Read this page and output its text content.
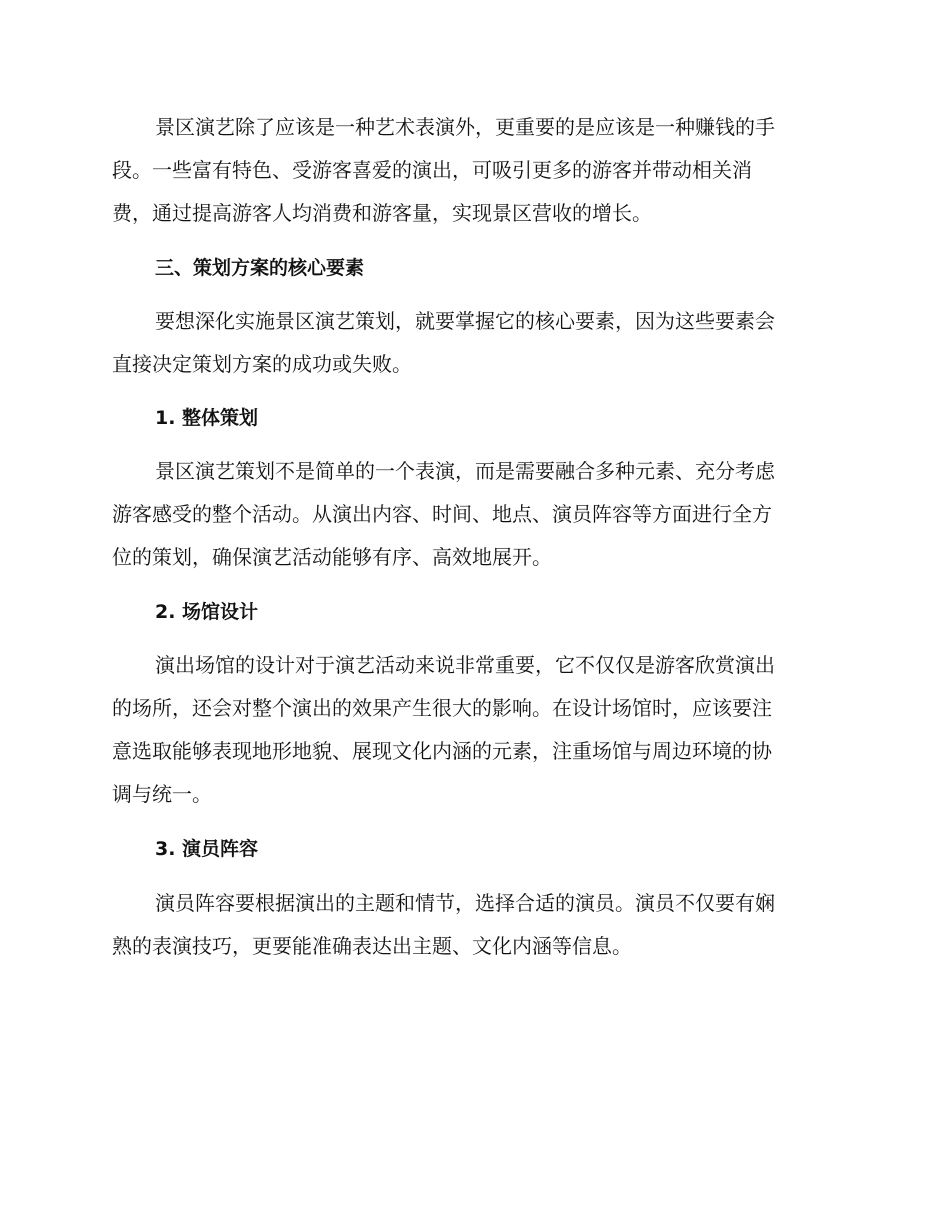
景区演艺除了应该是一种艺术表演外，更重要的是应该是一种赚钱的手
段。一些富有特色、受游客喜爱的演出，可吸引更多的游客并带动相关消
费，通过提高游客人均消费和游客量，实现景区营收的增长。
三、策划方案的核心要素
要想深化实施景区演艺策划，就要掌握它的核心要素，因为这些要素会
直接决定策划方案的成功或失败。
1. 整体策划
景区演艺策划不是简单的一个表演，而是需要融合多种元素、充分考虑
游客感受的整个活动。从演出内容、时间、地点、演员阵容等方面进行全方
位的策划，确保演艺活动能够有序、高效地展开。
2. 场馆设计
演出场馆的设计对于演艺活动来说非常重要，它不仅仅是游客欣赏演出
的场所，还会对整个演出的效果产生很大的影响。在设计场馆时，应该要注
意选取能够表现地形地貌、展现文化内涵的元素，注重场馆与周边环境的协
调与统一。
3. 演员阵容
演员阵容要根据演出的主题和情节，选择合适的演员。演员不仅要有娴
熟的表演技巧，更要能准确表达出主题、文化内涵等信息。
